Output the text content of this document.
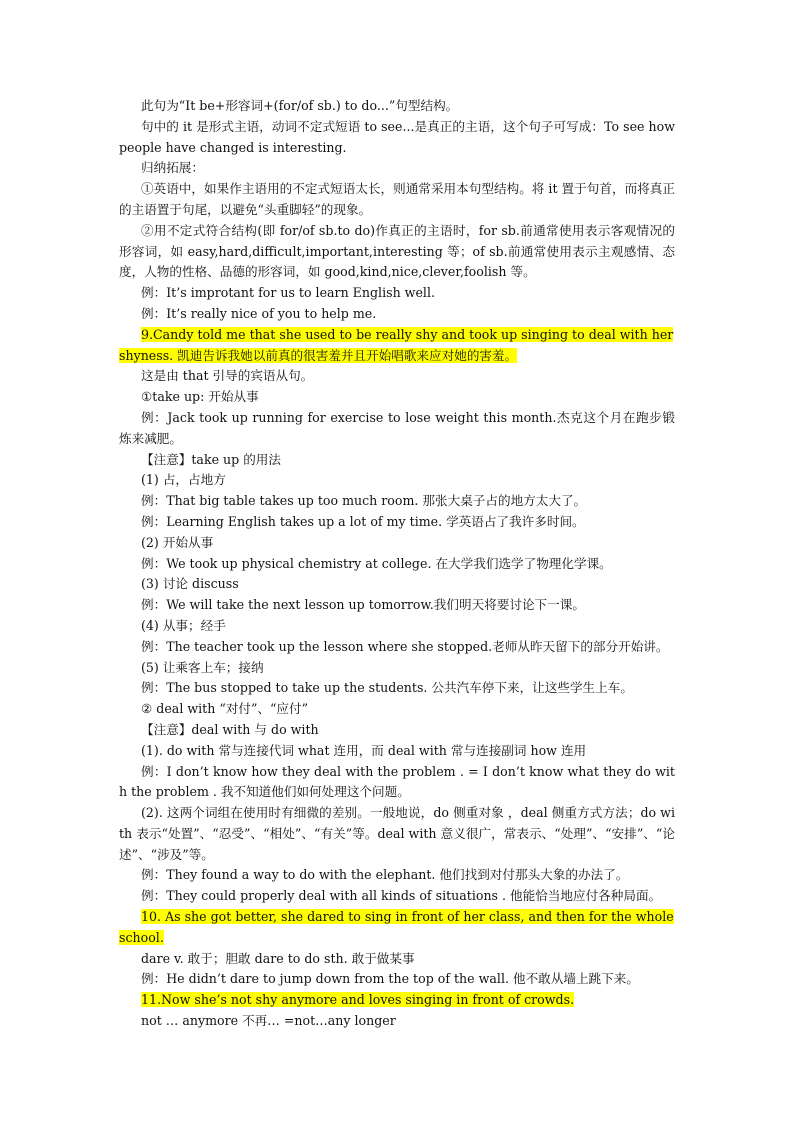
此句为“It be+形容词+(for/of sb.) to do...”句型结构。

句中的 it 是形式主语，动词不定式短语 to see...是真正的主语，这个句子可写成：To see how people have changed is interesting.

归纳拓展：

①英语中，如果作主语用的不定式短语太长，则通常采用本句型结构。将 it 置于句首，而将真正的主语置于句尾，以避免“头重脚轻”的现象。

②用不定式符合结构(即 for/of sb.to do)作真正的主语时，for sb.前通常使用表示客观情况的形容词，如 easy,hard,difficult,important,interesting 等；of sb.前通常使用表示主观感情、态度，人物的性格、品德的形容词，如 good,kind,nice,clever,foolish 等。

例：It’s improtant for us to learn English well.

例：It’s really nice of you to help me.

9.Candy told me that she used to be really shy and took up singing to deal with her shyness. 凯迪告诉我她以前真的很害羞并且开始唱歌来应对她的害羞。

这是由 that 引导的宾语从句。

①take up: 开始从事

例：Jack took up running for exercise to lose weight this month.杰克这个月在跑步锻炼来减肥。

【注意】take up 的用法

(1) 占，占地方

例：That big table takes up too much room. 那张大桌子占的地方太大了。

例：Learning English takes up a lot of my time. 学英语占了我许多时间。

(2) 开始从事

例：We took up physical chemistry at college. 在大学我们选学了物理化学课。

(3) 讨论 discuss

例：We will take the next lesson up tomorrow.我们明天将要讨论下一课。

(4) 从事；经手

例：The teacher took up the lesson where she stopped.老师从昨天留下的部分开始讲。

(5) 让乘客上车；接纳

例：The bus stopped to take up the students. 公共汽车停下来，让这些学生上车。

② deal with “对付”、“应付”

【注意】deal with 与 do with

(1). do with 常与连接代词 what 连用，而 deal with 常与连接副词 how 连用

例：I don’t know how they deal with the problem . = I don’t know what they do with the problem . 我不知道他们如何处理这个问题。

(2). 这两个词组在使用时有细微的差别。一般地说，do 侧重对象 ，deal 侧重方式方法；do with 表示“处置”、“忍受”、“相处”、“有关”等。deal with 意义很广，常表示、“处理”、“安排”、“论述”、“涉及”等。

例：They found a way to do with the elephant. 他们找到对付那头大象的办法了。

例：They could properly deal with all kinds of situations . 他能恰当地应付各种局面。

10. As she got better, she dared to sing in front of her class, and then for the whole school.

dare v. 敢于；胆敢 dare to do sth. 敢于做某事

例：He didn’t dare to jump down from the top of the wall. 他不敢从墙上跳下来。

11.Now she’s not shy anymore and loves singing in front of crowds.

not … anymore 不再… =not…any longer
